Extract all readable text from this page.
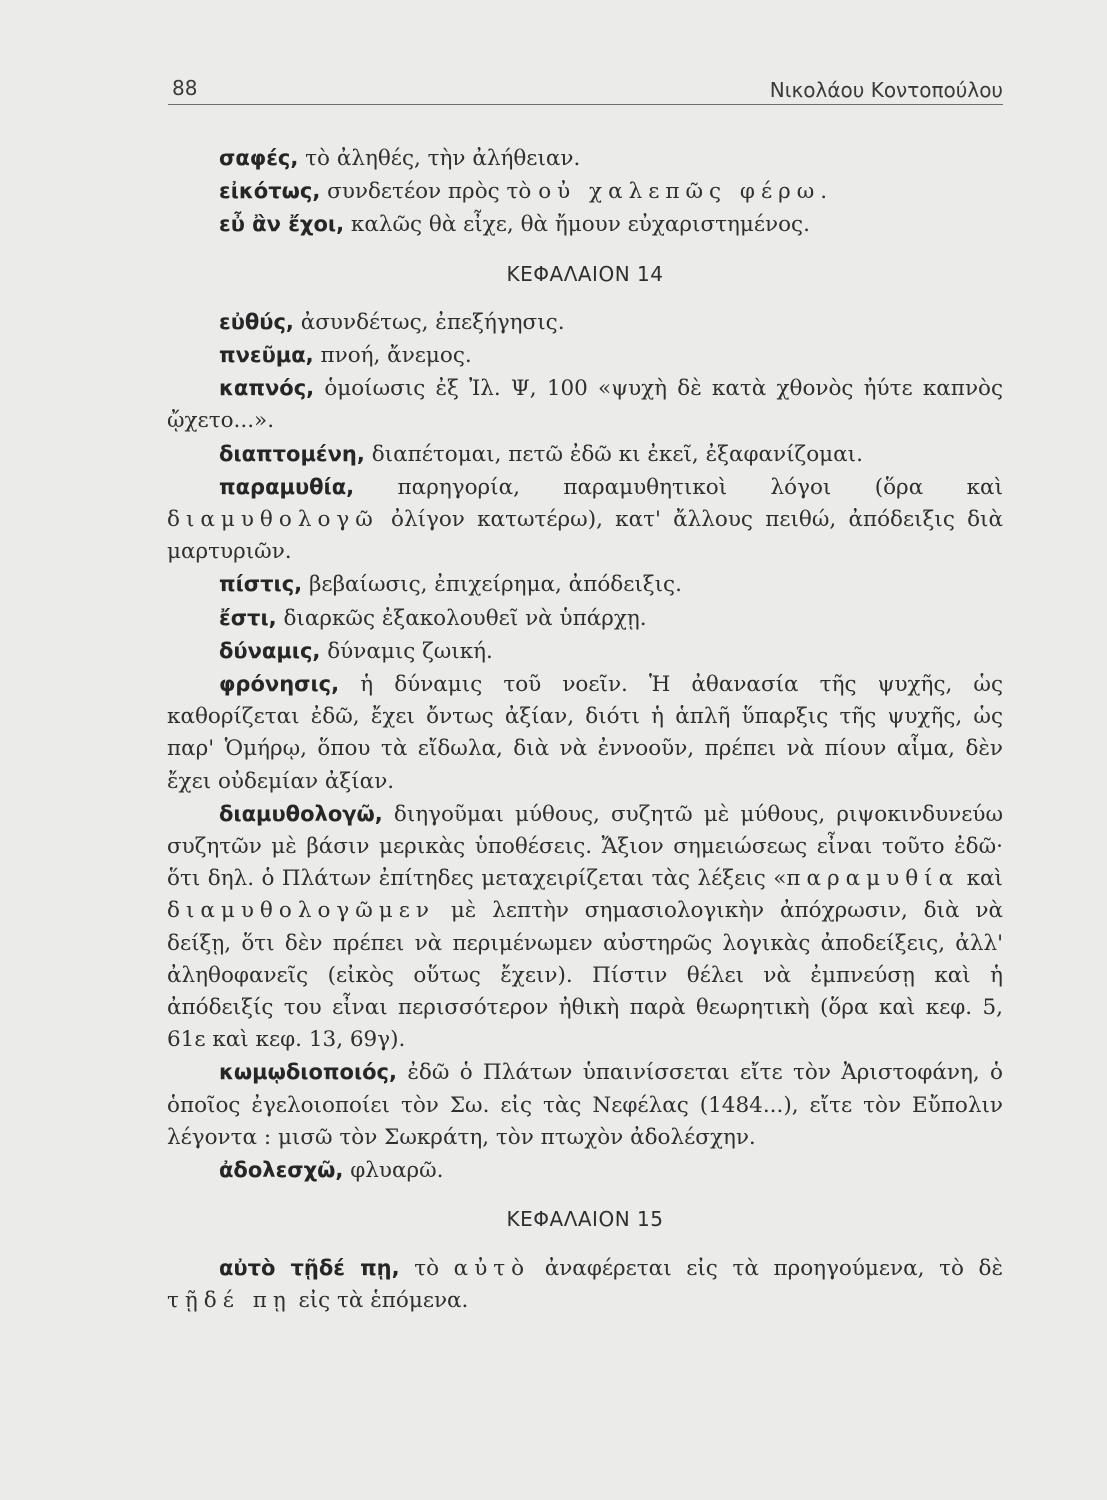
88	Νικολάου Κοντοπούλου

σαφές, τὸ ἀληθές, τὴν ἀλήθειαν.

εἰκότως, συνδετέον πρὸς τὸ οὐ χαλεπῶς φέρω.

εὖ ἂν ἔχοι, καλῶς θὰ εἶχε, θὰ ἤμουν εὐχαριστημένος.

ΚΕΦΑΛΑΙΟΝ 14

εὐθύς, ἀσυνδέτως, ἐπεξήγησις.

πνεῦμα, πνοή, ἄνεμος.

καπνός, ὁμοίωσις ἐξ Ἰλ. Ψ, 100 «ψυχὴ δὲ κατὰ χθονὸς ἠύτε καπνὸς ᾤχετο...».

διαπτομένη, διαπέτομαι, πετῶ ἐδῶ κι ἐκεῖ, ἐξαφανίζομαι.

παραμυθία, παρηγορία, παραμυθητικοὶ λόγοι (ὅρα καὶ διαμυθολογῶ ὀλίγον κατωτέρω), κατ' ἄλλους πειθώ, ἀπόδειξις διὰ μαρτυριῶν.

πίστις, βεβαίωσις, ἐπιχείρημα, ἀπόδειξις.

ἔστι, διαρκῶς ἐξακολουθεῖ νὰ ὑπάρχῃ.

δύναμις, δύναμις ζωική.

φρόνησις, ἡ δύναμις τοῦ νοεῖν. Ἡ ἀθανασία τῆς ψυχῆς, ὡς καθορίζεται ἐδῶ, ἔχει ὄντως ἀξίαν, διότι ἡ ἁπλῆ ὕπαρξις τῆς ψυχῆς, ὡς παρ' Ὁμήρῳ, ὅπου τὰ εἴδωλα, διὰ νὰ ἐννοοῦν, πρέπει νὰ πίουν αἷμα, δὲν ἔχει οὐδεμίαν ἀξίαν.

διαμυθολογῶ, διηγοῦμαι μύθους, συζητῶ μὲ μύθους, ριψοκινδυνεύω συζητῶν μὲ βάσιν μερικὰς ὑποθέσεις. Ἄξιον σημειώσεως εἶναι τοῦτο ἐδῶ· ὅτι δηλ. ὁ Πλάτων ἐπίτηδες μεταχειρίζεται τὰς λέξεις «παραμυθία καὶ διαμυθολογῶμεν μὲ λεπτὴν σημασιολογικὴν ἀπόχρωσιν, διὰ νὰ δείξῃ, ὅτι δὲν πρέπει νὰ περιμένωμεν αὐστηρῶς λογικὰς ἀποδείξεις, ἀλλ' ἀληθοφανεῖς (εἰκὸς οὕτως ἔχειν). Πίστιν θέλει νὰ ἐμπνεύσῃ καὶ ἡ ἀπόδειξίς του εἶναι περισσότερον ἠθικὴ παρὰ θεωρητικὴ (ὅρα καὶ κεφ. 5, 61ε καὶ κεφ. 13, 69γ).

κωμῳδιοποιός, ἐδῶ ὁ Πλάτων ὑπαινίσσεται εἴτε τὸν Ἀριστοφάνη, ὁ ὁποῖος ἐγελοιοποίει τὸν Σω. εἰς τὰς Νεφέλας (1484...), εἴτε τὸν Εὔπολιν λέγοντα : μισῶ τὸν Σωκράτη, τὸν πτωχὸν ἀδολέσχην.

ἀδολεσχῶ, φλυαρῶ.

ΚΕΦΑΛΑΙΟΝ 15

αὐτὸ τῇδέ πῃ, τὸ αὐτὸ ἀναφέρεται εἰς τὰ προηγούμενα, τὸ δὲ τῇδέ πῃ εἰς τὰ ἑπόμενα.
